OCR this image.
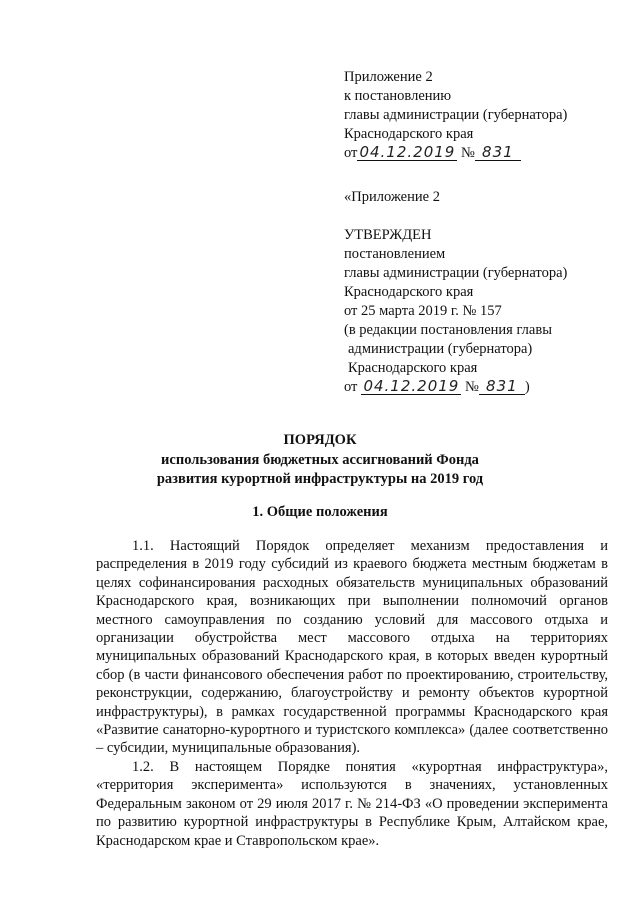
Приложение 2
к постановлению
главы администрации (губернатора)
Краснодарского края
от 04.12.2019 № 831
«Приложение 2
УТВЕРЖДЕН
постановлением
главы администрации (губернатора)
Краснодарского края
от 25 марта 2019 г. № 157
(в редакции постановления главы
администрации (губернатора)
Краснодарского края
от 04.12.2019 № 831 )
ПОРЯДОК
использования бюджетных ассигнований Фонда
развития курортной инфраструктуры на 2019 год
1. Общие положения

1.1. Настоящий Порядок определяет механизм предоставления и распределения в 2019 году субсидий из краевого бюджета местным бюджетам в целях софинансирования расходных обязательств муниципальных образований Краснодарского края, возникающих при выполнении полномочий органов местного самоуправления по созданию условий для массового отдыха и организации обустройства мест массового отдыха на территориях муниципальных образований Краснодарского края, в которых введен курортный сбор (в части финансового обеспечения работ по проектированию, строительству, реконструкции, содержанию, благоустройству и ремонту объектов курортной инфраструктуры), в рамках государственной программы Краснодарского края «Развитие санаторно-курортного и туристского комплекса» (далее соответственно – субсидии, муниципальные образования).

1.2. В настоящем Порядке понятия «курортная инфраструктура», «территория эксперимента» используются в значениях, установленных Федеральным законом от 29 июля 2017 г. № 214-ФЗ «О проведении эксперимента по развитию курортной инфраструктуры в Республике Крым, Алтайском крае, Краснодарском крае и Ставропольском крае».
